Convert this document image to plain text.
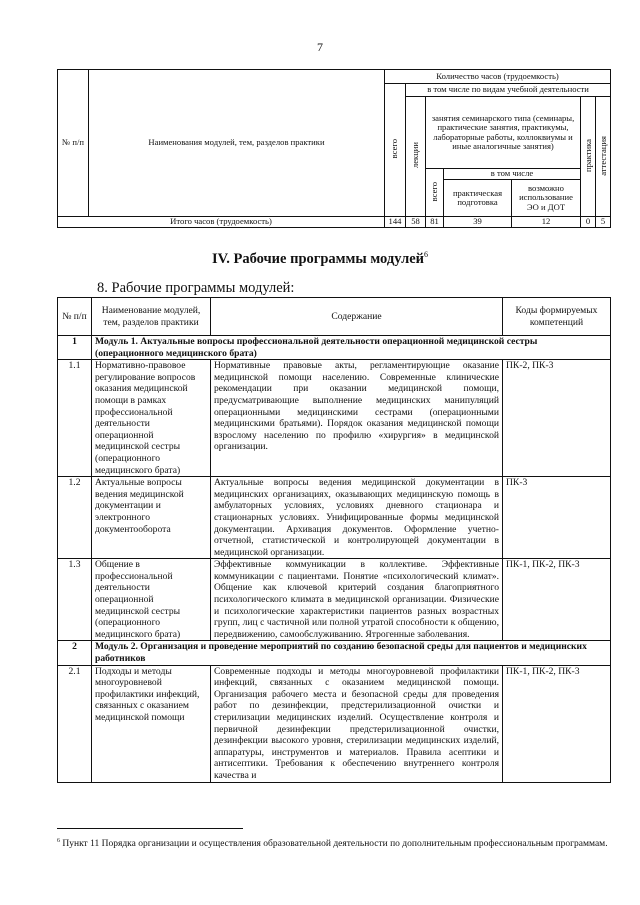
7
№ п/п	Наименования модулей, тем, разделов практики	Количество часов (трудоемкость)						
		всего	в том числе по видам учебной деятельности					
			лекции	занятия семинарского типа (семинары, практические занятия, практикумы, лабораторные работы, коллоквиумы и иные аналогичные занятия)			практика	аттестация
				всего	в том числе			
					практическая подготовка	возможно использование ЭО и ДОТ		
Итого часов (трудоемкость)		144	58	81	39	12	0	5
IV. Рабочие программы модулей$^6$
8. Рабочие программы модулей:
№ п/п	Наименование модулей, тем, разделов практики	Содержание	Коды формируемых компетенций
1	Модуль 1. Актуальные вопросы профессиональной деятельности операционной медицинской сестры (операционного медицинского брата)		
1.1	Нормативно-правовое регулирование вопросов оказания медицинской помощи в рамках профессиональной деятельности операционной медицинской сестры (операционного медицинского брата)	Нормативные правовые акты, регламентирующие оказание медицинской помощи населению. Современные клинические рекомендации при оказании медицинской помощи, предусматривающие выполнение медицинских манипуляций операционными медицинскими сестрами (операционными медицинскими братьями). Порядок оказания медицинской помощи взрослому населению по профилю «хирургия» в медицинской организации.	ПК-2, ПК-3
1.2	Актуальные вопросы ведения медицинской документации и электронного документооборота	Актуальные вопросы ведения медицинской документации в медицинских организациях, оказывающих медицинскую помощь в амбулаторных условиях, условиях дневного стационара и стационарных условиях. Унифицированные формы медицинской документации. Архивация документов. Оформление учетно-отчетной, статистической и контролирующей документации в медицинской организации.	ПК-3
1.3	Общение в профессиональной деятельности операционной медицинской сестры (операционного медицинского брата)	Эффективные коммуникации в коллективе. Эффективные коммуникации с пациентами. Понятие «психологический климат». Общение как ключевой критерий создания благоприятного психологического климата в медицинской организации. Физические и психологические характеристики пациентов разных возрастных групп, лиц с частичной или полной утратой способности к общению, передвижению, самообслуживанию. Ятрогенные заболевания.	ПК-1, ПК-2, ПК-3
2	Модуль 2. Организация и проведение мероприятий по созданию безопасной среды для пациентов и медицинских работников		
2.1	Подходы и методы многоуровневой профилактики инфекций, связанных с оказанием медицинской помощи	Современные подходы и методы многоуровневой профилактики инфекций, связанных с оказанием медицинской помощи. Организация рабочего места и безопасной среды для проведения работ по дезинфекции, предстерилизационной очистки и стерилизации медицинских изделий. Осуществление контроля и первичной дезинфекции предстерилизационной очистки, дезинфекции высокого уровня, стерилизации медицинских изделий, аппаратуры, инструментов и материалов. Правила асептики и антисептики. Требования к обеспечению внутреннего контроля качества и	ПК-1, ПК-2, ПК-3
$^6$ Пункт 11 Порядка организации и осуществления образовательной деятельности по дополнительным профессиональным программам.
